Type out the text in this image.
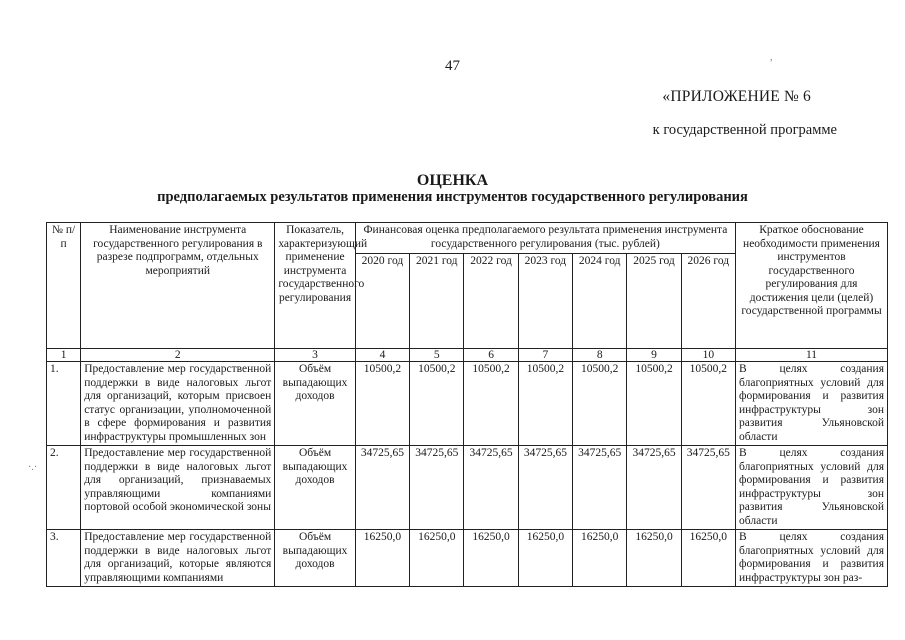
47
«ПРИЛОЖЕНИЕ № 6
к государственной программе
ОЦЕНКА
предполагаемых результатов применения инструментов государственного регулирования
·.·
,
№ п/п	Наименование инструмента государственного регулирования в разрезе подпрограмм, отдельных мероприятий	Показатель, характеризующий применение инструмента государственного регулирования	Финансовая оценка предполагаемого результата применения инструмента государственного регулирования (тыс. рублей)							Краткое обоснование необходимости применения инструментов государственного регулирования для достижения цели (целей) государственной программы
			2020 год	2021 год	2022 год	2023 год	2024 год	2025 год	2026 год	
1	2	3	4	5	6	7	8	9	10	11
1.	Предоставление мер государственной поддержки в виде налоговых льгот для организаций, которым присвоен статус организации, уполномоченной в сфере формирования и развития инфраструктуры промышленных зон	Объём выпадающих доходов	10500,2	10500,2	10500,2	10500,2	10500,2	10500,2	10500,2	В целях создания благоприятных условий для формирования и развития инфраструктуры зон развития Ульяновской области
2.	Предоставление мер государственной поддержки в виде налоговых льгот для организаций, признаваемых управляющими компаниями портовой особой экономической зоны	Объём выпадающих доходов	34725,65	34725,65	34725,65	34725,65	34725,65	34725,65	34725,65	В целях создания благоприятных условий для формирования и развития инфраструктуры зон развития Ульяновской области
3.	Предоставление мер государственной поддержки в виде налоговых льгот для организаций, которые являются управляющими компаниями	Объём выпадающих доходов	16250,0	16250,0	16250,0	16250,0	16250,0	16250,0	16250,0	В целях создания благоприятных условий для формирования и развития инфраструктуры зон раз-
